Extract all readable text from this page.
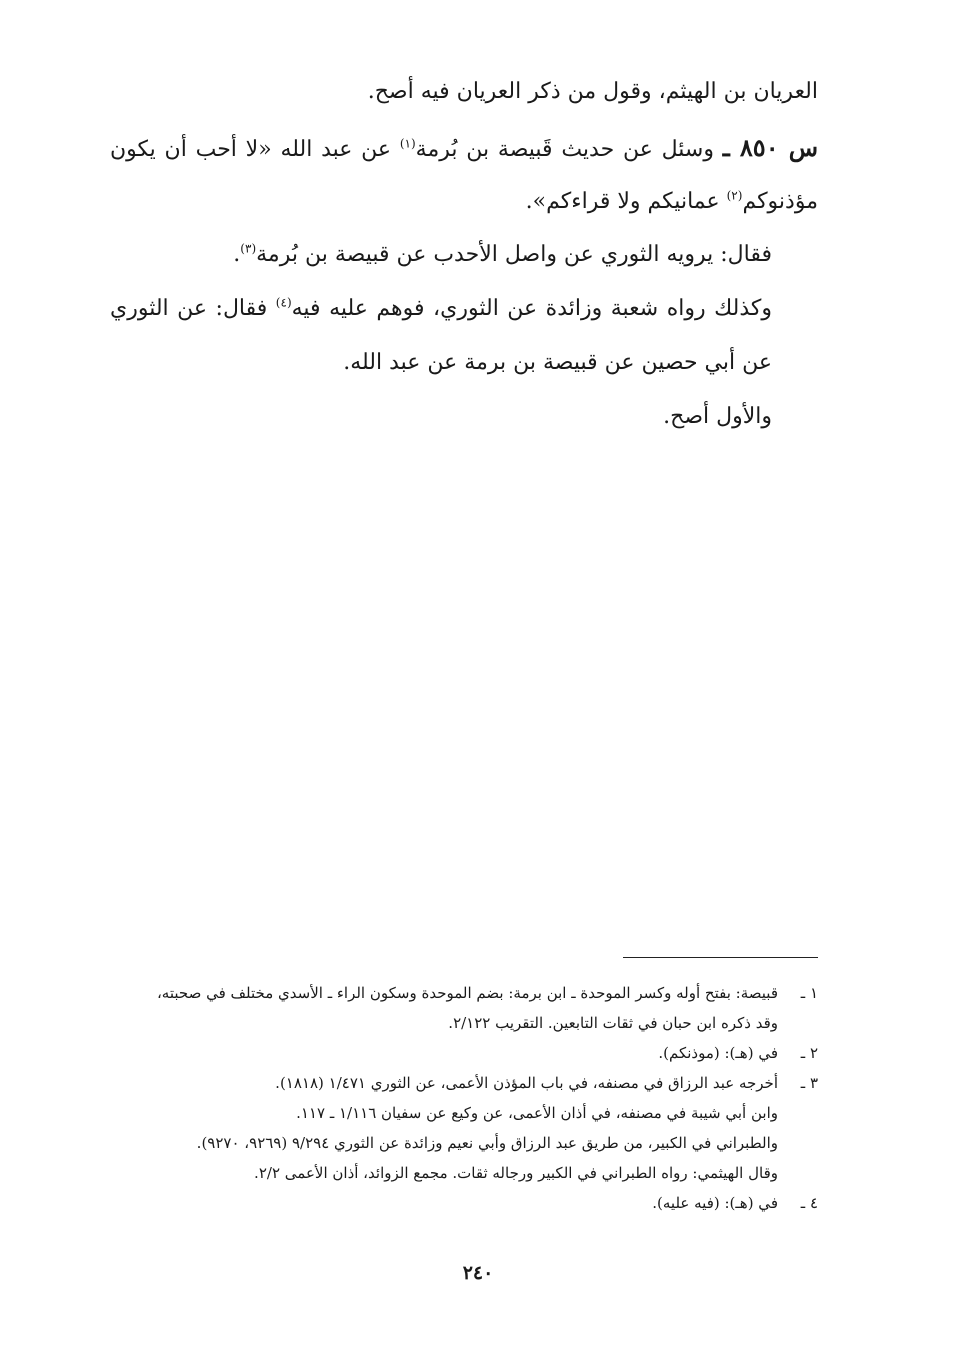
العريان بن الهيثم، وقول من ذكر العريان فيه أصح.

س ٨٥٠ ـ وسئل عن حديث قَبيصة بن بُرمة$^{(١)}$ عن عبد الله «لا أحب أن يكون مؤذنوكم$^{(٢)}$ عمانيكم ولا قراءكم».

فقال: يرويه الثوري عن واصل الأحدب عن قبيصة بن بُرمة$^{(٣)}$.

وكذلك رواه شعبة وزائدة عن الثوري، فوهم عليه فيه$^{(٤)}$ فقال: عن الثوري عن أبي حصين عن قبيصة بن برمة عن عبد الله.

والأول أصح.

١ ـ
قبيصة: بفتح أوله وكسر الموحدة ـ ابن برمة: بضم الموحدة وسكون الراء ـ الأسدي مختلف في صحبته،
وقد ذكره ابن حبان في ثقات التابعين. التقريب ٢/١٢٢.
٢ ـ
في (هـ): (موذنكم).
٣ ـ
أخرجه عبد الرزاق في مصنفه، في باب المؤذن الأعمى، عن الثوري ١/٤٧١ (١٨١٨).
وابن أبي شيبة في مصنفه، في أذان الأعمى، عن وكيع عن سفيان ١/١١٦ ـ ١١٧.
والطبراني في الكبير، من طريق عبد الرزاق وأبي نعيم وزائدة عن الثوري ٩/٢٩٤ (٩٢٦٩، ٩٢٧٠).
وقال الهيثمي: رواه الطبراني في الكبير ورجاله ثقات. مجمع الزوائد، أذان الأعمى ٢/٢.
٤ ـ
في (هـ): (فيه عليه).
٢٤٠
